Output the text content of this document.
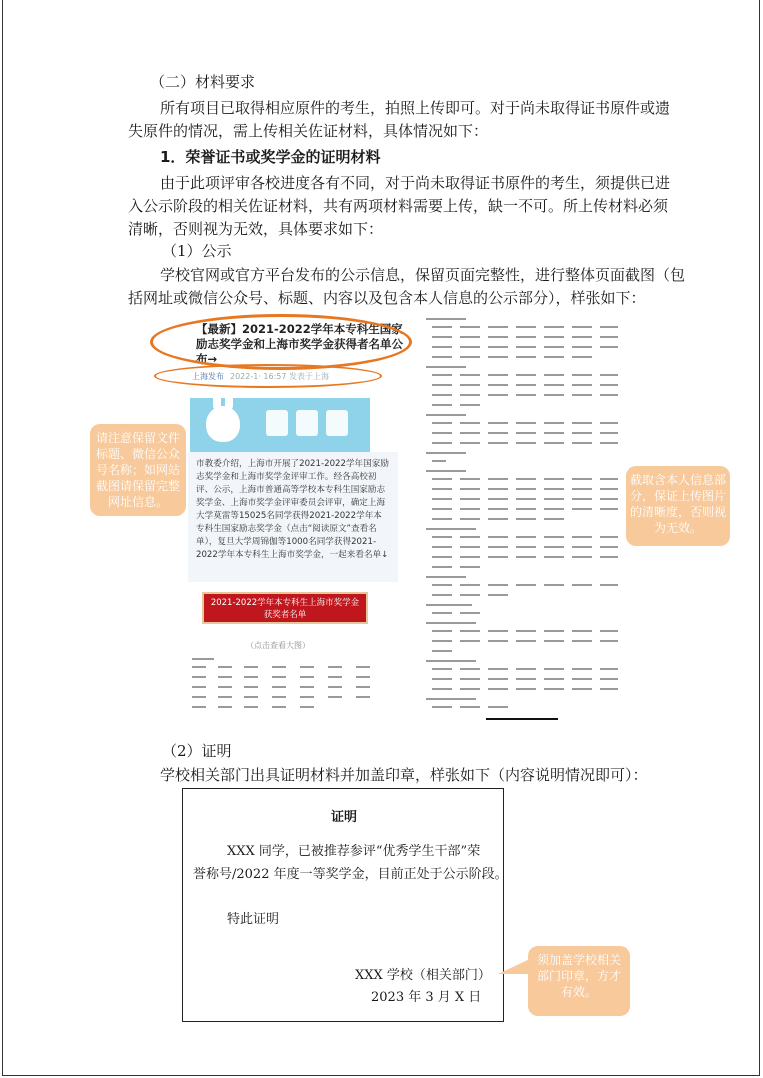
（二）材料要求
所有项目已取得相应原件的考生，拍照上传即可。对于尚未取得证书原件或遗
失原件的情况，需上传相关佐证材料，具体情况如下：
1．荣誉证书或奖学金的证明材料
由于此项评审各校进度各有不同，对于尚未取得证书原件的考生，须提供已进
入公示阶段的相关佐证材料，共有两项材料需要上传，缺一不可。所上传材料必须
清晰，否则视为无效，具体要求如下：
（1）公示
学校官网或官方平台发布的公示信息，保留页面完整性，进行整体页面截图（包
括网址或微信公众号、标题、内容以及包含本人信息的公示部分），样张如下：
【最新】2021-2022学年本专科生国家励志奖学金和上海市奖学金获得者名单公布→
上海发布 2022-1· 16:57 发表于上海
市教委介绍，上海市开展了2021-2022学年国家励志奖学金和上海市奖学金评审工作。经各高校初评、公示，上海市普通高等学校本专科生国家励志奖学金、上海市奖学金评审委员会评审，确定上海大学莫雷等15025名同学获得2021-2022学年本专科生国家励志奖学金（点击“阅读原文”查看名单），复旦大学周锦伽等1000名同学获得2021-2022学年本专科生上海市奖学金，一起来看名单↓
2021-2022学年本专科生上海市奖学金
获奖者名单
（点击查看大图）
请注意保留文件标题、微信公众号名称；如网站截图请保留完整网址信息。
截取含本人信息部分，保证上传图片的清晰度，否则视为无效。
（2）证明
学校相关部门出具证明材料并加盖印章，样张如下（内容说明情况即可）：
证明
XXX 同学，已被推荐参评“优秀学生干部”荣
誉称号/2022 年度一等奖学金，目前正处于公示阶段。
特此证明
XXX 学校（相关部门）
2023 年 3 月 X 日
须加盖学校相关部门印章，方才有效。
